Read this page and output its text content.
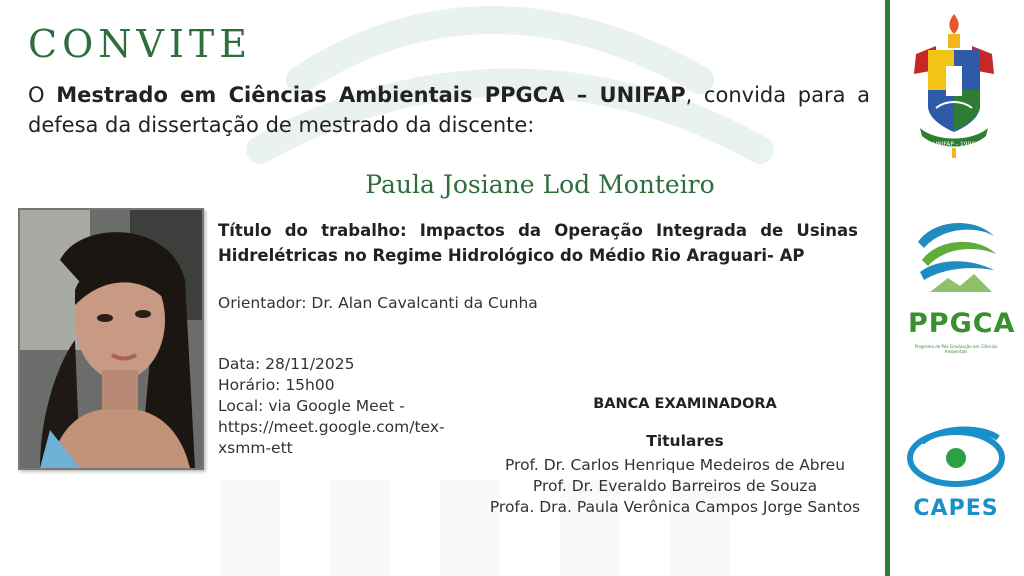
CONVITE
O Mestrado em Ciências Ambientais PPGCA – UNIFAP, convida para a defesa da dissertação de mestrado da discente:
Paula Josiane Lod Monteiro
Título do trabalho: Impactos da Operação Integrada de Usinas Hidrelétricas no Regime Hidrológico do Médio Rio Araguari- AP
Orientador: Dr. Alan Cavalcanti da Cunha
Data: 28/11/2025
Horário: 15h00
Local: via Google Meet - https://meet.google.com/tex-xsmm-ett
BANCA EXAMINADORA
Titulares
Prof. Dr. Carlos Henrique Medeiros de Abreu
Prof. Dr. Everaldo Barreiros de Souza
Profa. Dra. Paula Verônica Campos Jorge Santos
UNIFAP - 1990
PPGCA
Programa de Pós-Graduação em Ciências Ambientais
CAPES
